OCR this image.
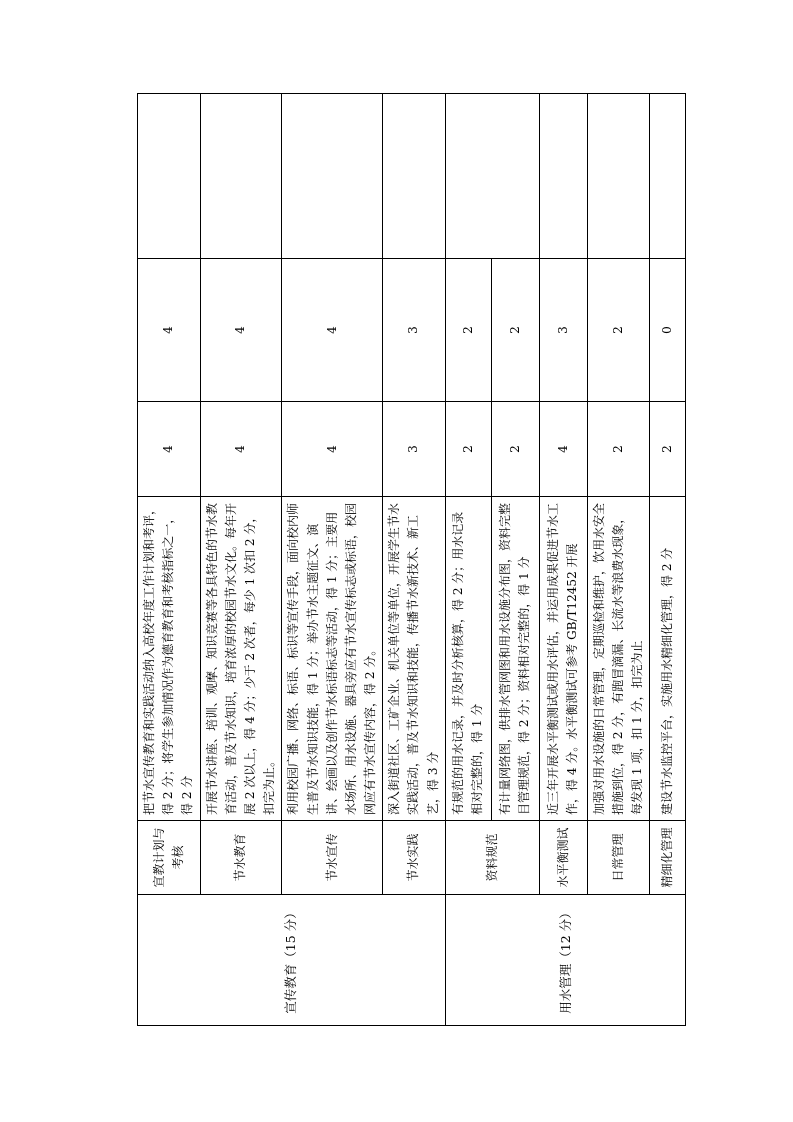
宣传教育（15 分）	宣教计划与考核	把节水宣传教育和实践活动纳入高校年度工作计划和考评，得 2 分；将学生参加情况作为德育教育和考核指标之一，得 2 分	4	4	
	节水教育	开展节水讲座、培训、观摩、知识竞赛等各具特色的节水教育活动，普及节水知识，培育浓厚的校园节水文化。每年开展 2 次以上，得 4 分；少于 2 次者，每少 1 次扣 2 分，扣完为止。	4	4	
	节水宣传	利用校园广播、网络、标语、标识等宣传手段，面向校内师生普及节水知识技能，得 1 分；举办节水主题征文、演讲、绘画以及创作节水标语标志等活动，得 1 分；主要用水场所、用水设施、器具旁应有节水宣传标志或标语，校园网应有节水宣传内容，得 2 分。	4	4	
	节水实践	深入街道社区、工矿企业、机关单位等单位，开展学生节水实践活动，普及节水知识和技能，传播节水新技术、新工艺，得 3 分	3	3	
用水管理（12 分）	资料规范	有规范的用水记录，并及时分析核算，得 2 分；用水记录相对完整的，得 1 分	2	2	
		有计量网络图，供排水管网图和用水设施分布图，资料完整目管理规范，得 2 分；资料相对完整的，得 1 分	2	2	
	水平衡测试	近三年开展水平衡测试或用水评估，并运用成果促进节水工作，得 4 分。水平衡测试可参考 GB/T12452 开展	4	3	
	日常管理	加强对用水设施的日常管理，定期巡检和维护，饮用水安全措施到位，得 2 分，有跑冒滴漏、长流水等浪费水现象，每发现 1 项，扣 1 分，扣完为止	2	2	
	精细化管理	建设节水监控平台，实施用水精细化管理，得 2 分	2	0	
